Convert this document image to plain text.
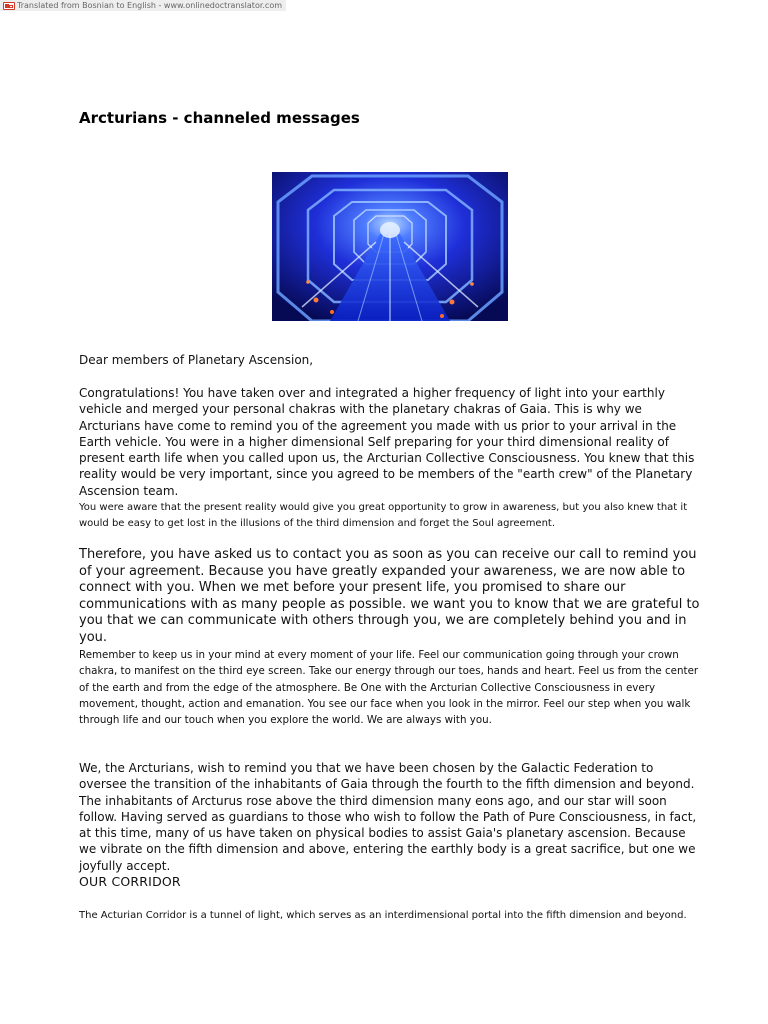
Translated from Bosnian to English - www.onlinedoctranslator.com
Arcturians - channeled messages

Dear members of Planetary Ascension,

Congratulations! You have taken over and integrated a higher frequency of light into your earthly vehicle and merged your personal chakras with the planetary chakras of Gaia. This is why we Arcturians have come to remind you of the agreement you made with us prior to your arrival in the Earth vehicle. You were in a higher dimensional Self preparing for your third dimensional reality of present earth life when you called upon us, the Arcturian Collective Consciousness. You knew that this reality would be very important, since you agreed to be members of the "earth crew" of the Planetary Ascension team.

You were aware that the present reality would give you great opportunity to grow in awareness, but you also knew that it would be easy to get lost in the illusions of the third dimension and forget the Soul agreement.

Therefore, you have asked us to contact you as soon as you can receive our call to remind you of your agreement. Because you have greatly expanded your awareness, we are now able to connect with you. When we met before your present life, you promised to share our communications with as many people as possible. we want you to know that we are grateful to you that we can communicate with others through you, we are completely behind you and in you.

Remember to keep us in your mind at every moment of your life. Feel our communication going through your crown chakra, to manifest on the third eye screen. Take our energy through our toes, hands and heart. Feel us from the center of the earth and from the edge of the atmosphere. Be One with the Arcturian Collective Consciousness in every movement, thought, action and emanation. You see our face when you look in the mirror. Feel our step when you walk through life and our touch when you explore the world. We are always with you.

We, the Arcturians, wish to remind you that we have been chosen by the Galactic Federation to oversee the transition of the inhabitants of Gaia through the fourth to the fifth dimension and beyond. The inhabitants of Arcturus rose above the third dimension many eons ago, and our star will soon follow. Having served as guardians to those who wish to follow the Path of Pure Consciousness, in fact, at this time, many of us have taken on physical bodies to assist Gaia's planetary ascension. Because we vibrate on the fifth dimension and above, entering the earthly body is a great sacrifice, but one we joyfully accept.

OUR CORRIDOR

The Acturian Corridor is a tunnel of light, which serves as an interdimensional portal into the fifth dimension and beyond.
